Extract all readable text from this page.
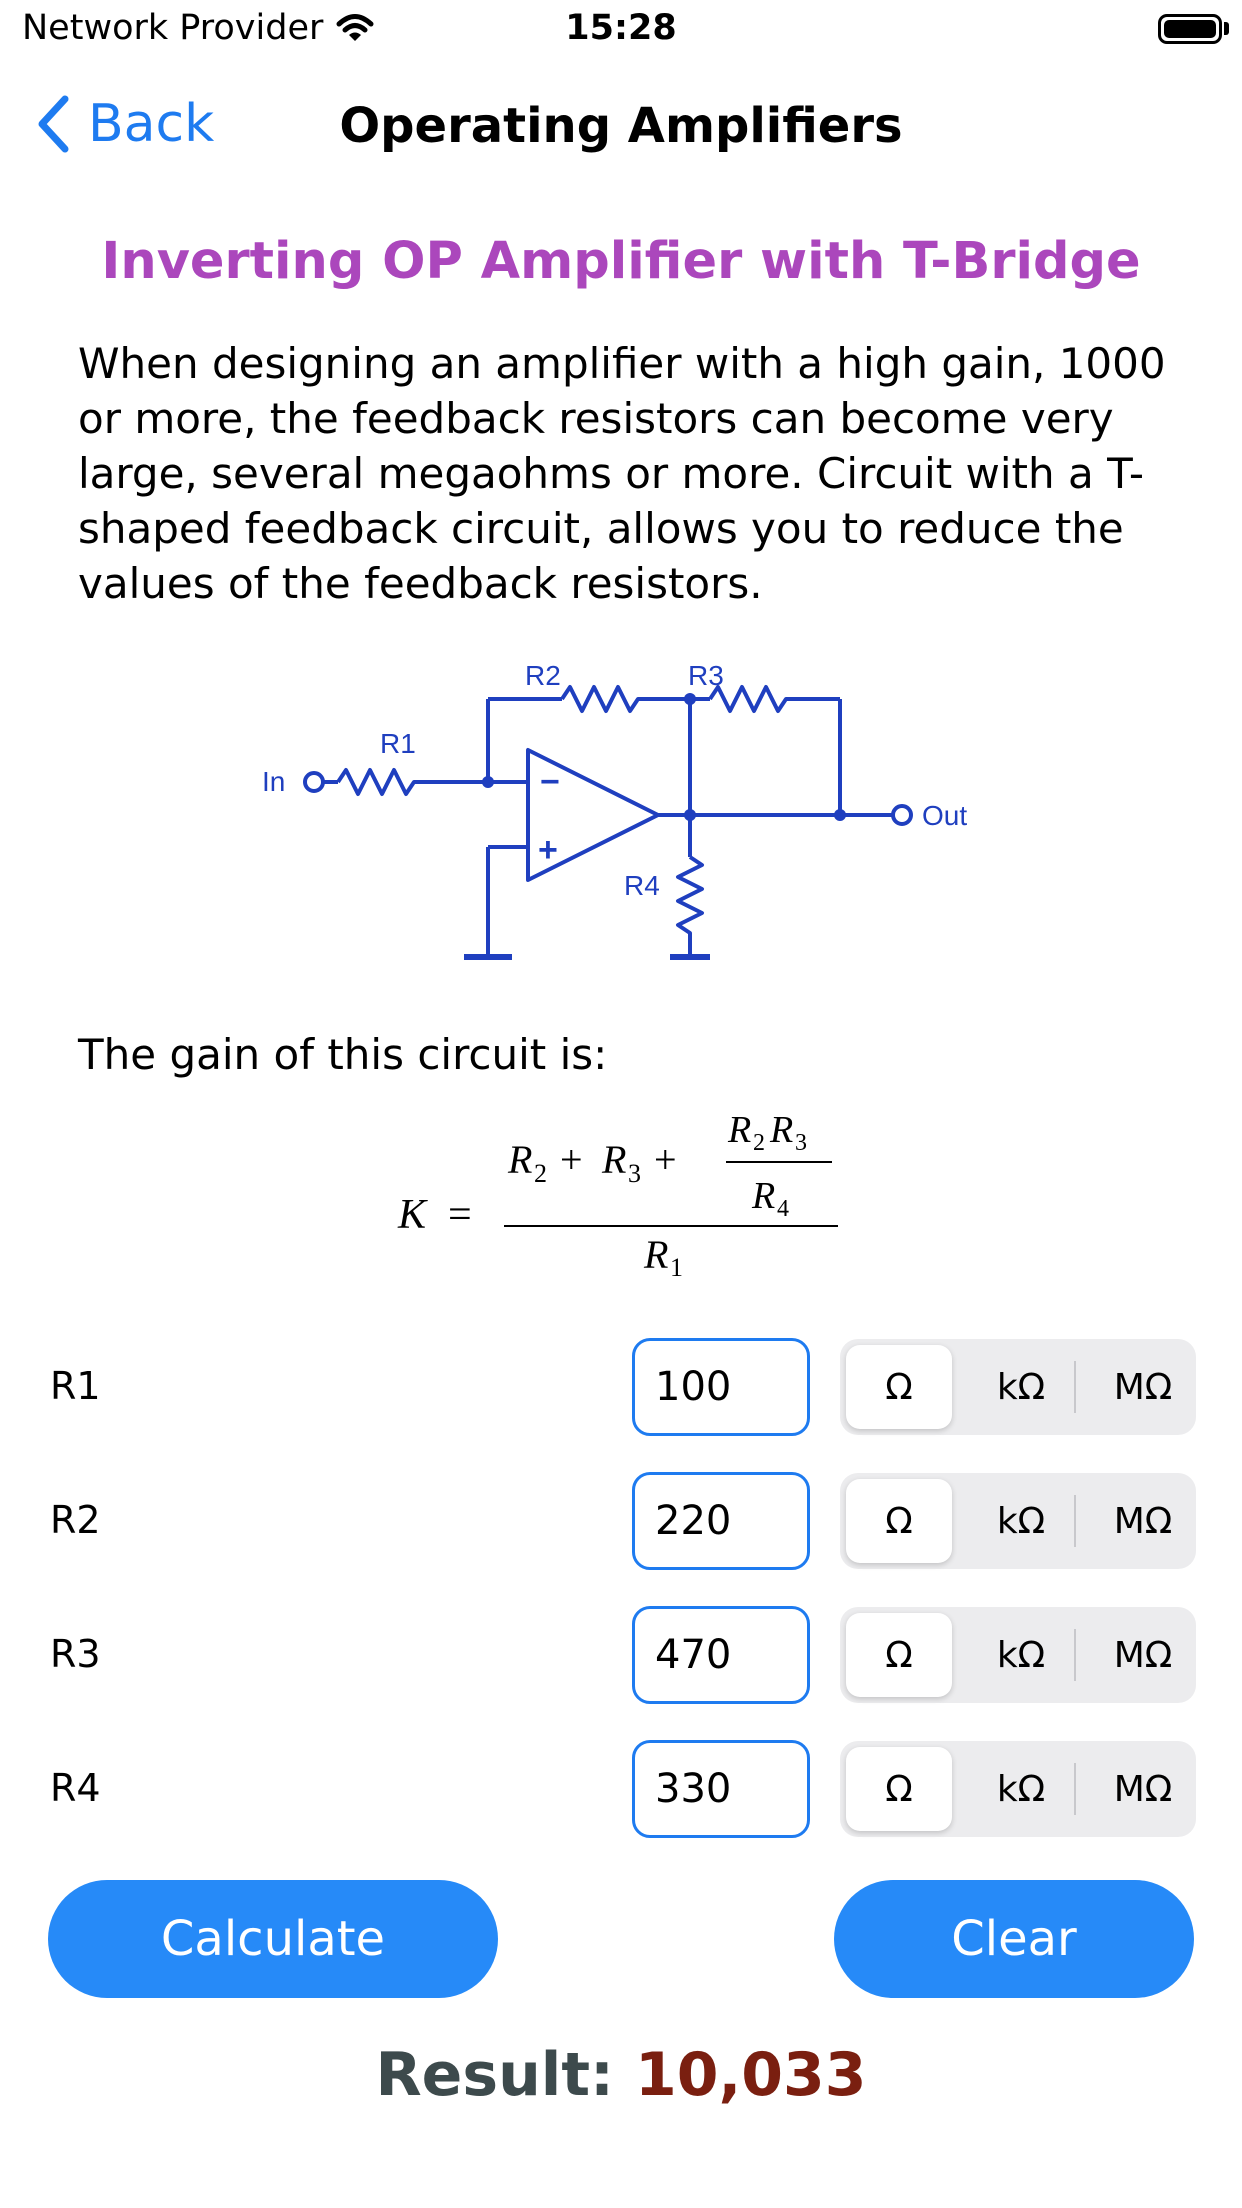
Network Provider	15:28
Back	Operating Amplifiers
Inverting OP Amplifier with T-Bridge
When designing an amplifier with a high gain, 1000 or more, the feedback resistors can become very large, several megaohms or more. Circuit with a T-shaped feedback circuit, allows you to reduce the values of the feedback resistors.
In
R1
R2	R3
R4
Out
−
+
The gain of this circuit is:
K =
R 2 + R 3 +
R 2 R 3
R 4
R 1
R1	100	Ω	kΩ	MΩ
R2	220	Ω	kΩ	MΩ
R3	470	Ω	kΩ	MΩ
R4	330	Ω	kΩ	MΩ
Calculate	Clear
Result: 10,033
